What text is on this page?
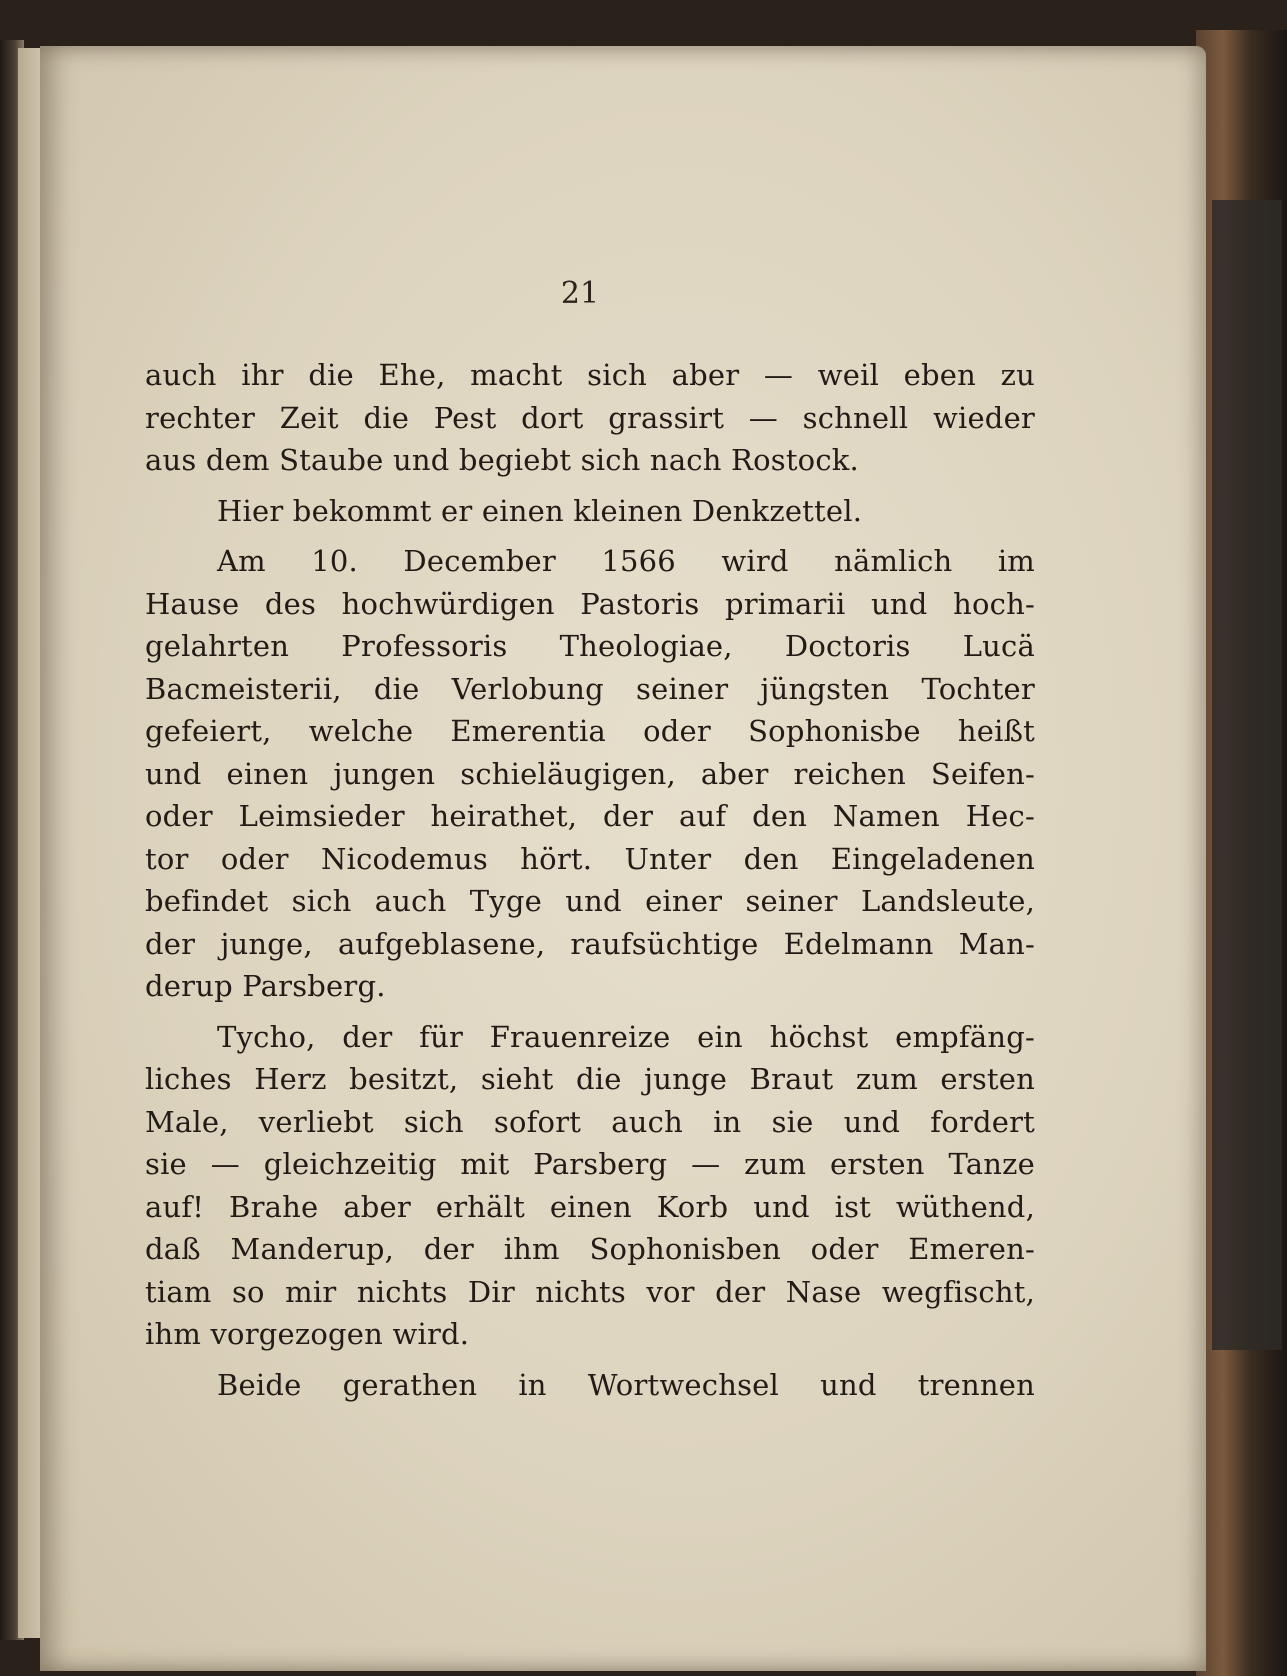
21
auch ihr die Ehe, macht sich aber — weil eben zu
rechter Zeit die Pest dort grassirt — schnell wieder
aus dem Staube und begiebt sich nach Rostock.
Hier bekommt er einen kleinen Denkzettel.
Am 10. December 1566 wird nämlich im
Hause des hochwürdigen Pastoris primarii und hoch-
gelahrten Professoris Theologiae, Doctoris Lucä
Bacmeisterii, die Verlobung seiner jüngsten Tochter
gefeiert, welche Emerentia oder Sophonisbe heißt
und einen jungen schieläugigen, aber reichen Seifen-
oder Leimsieder heirathet, der auf den Namen Hec-
tor oder Nicodemus hört. Unter den Eingeladenen
befindet sich auch Tyge und einer seiner Landsleute,
der junge, aufgeblasene, raufsüchtige Edelmann Man-
derup Parsberg.
Tycho, der für Frauenreize ein höchst empfäng-
liches Herz besitzt, sieht die junge Braut zum ersten
Male, verliebt sich sofort auch in sie und fordert
sie — gleichzeitig mit Parsberg — zum ersten Tanze
auf! Brahe aber erhält einen Korb und ist wüthend,
daß Manderup, der ihm Sophonisben oder Emeren-
tiam so mir nichts Dir nichts vor der Nase wegfischt,
ihm vorgezogen wird.
Beide gerathen in Wortwechsel und trennen
